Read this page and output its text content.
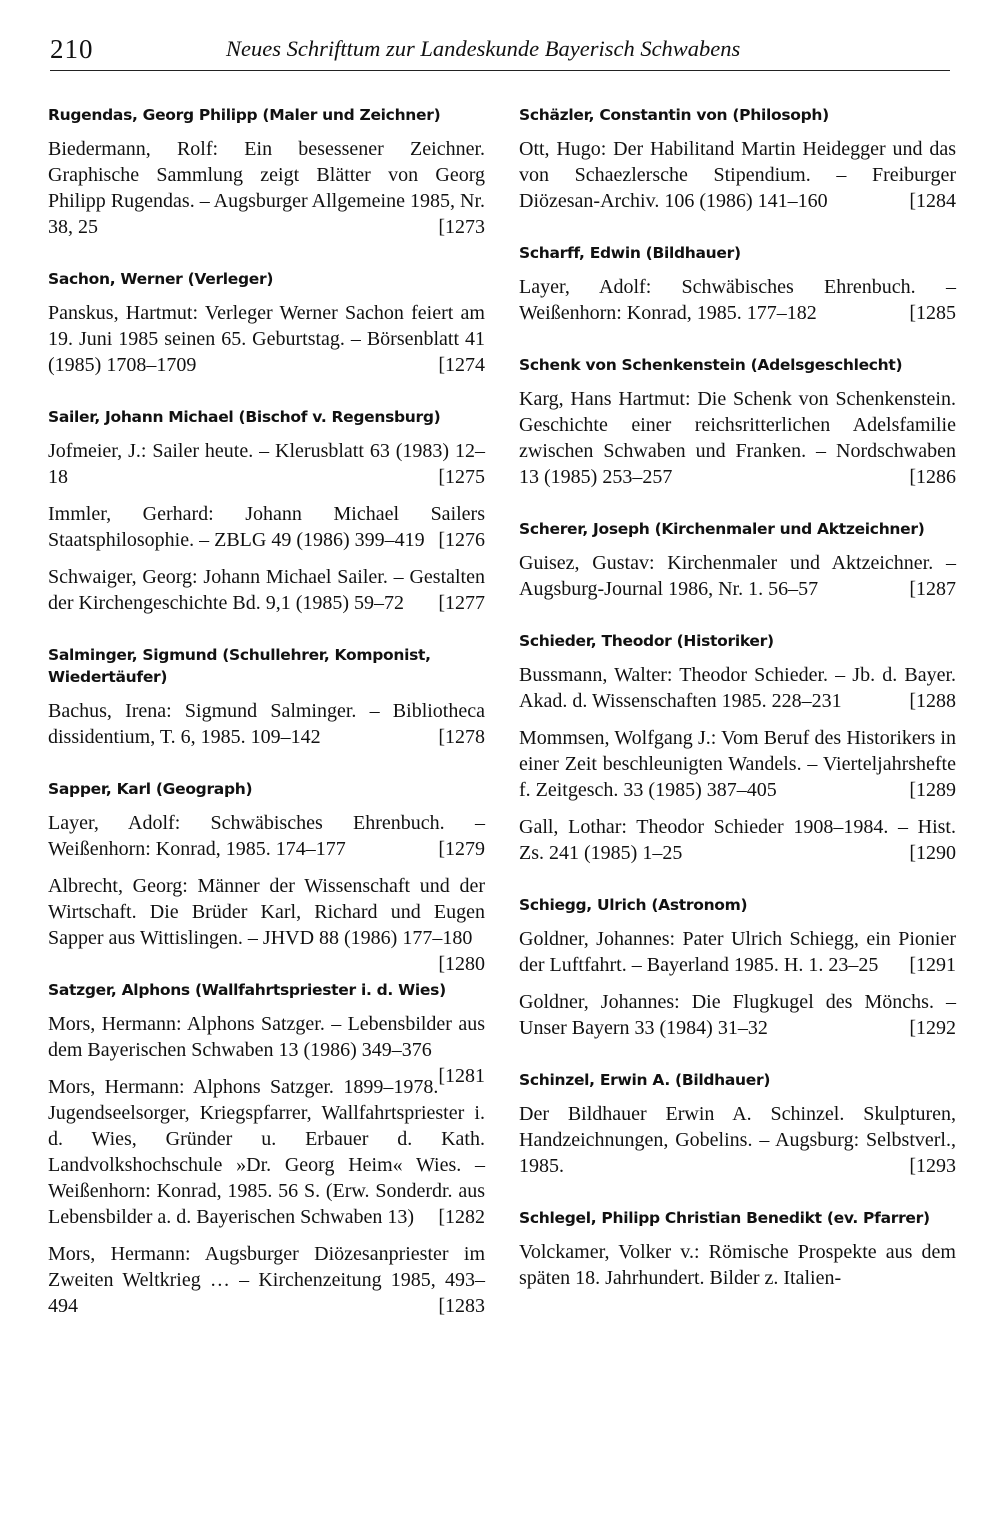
210	Neues Schrifttum zur Landeskunde Bayerisch Schwabens
Rugendas, Georg Philipp (Maler und Zeichner)
Biedermann, Rolf: Ein besessener Zeichner. Graphische Sammlung zeigt Blätter von Georg Philipp Rugendas. – Augsburger Allgemeine 1985, Nr. 38, 25	[1273
Sachon, Werner (Verleger)
Panskus, Hartmut: Verleger Werner Sachon feiert am 19. Juni 1985 seinen 65. Geburtstag. – Börsenblatt 41 (1985) 1708–1709	[1274
Sailer, Johann Michael (Bischof v. Regensburg)
Jofmeier, J.: Sailer heute. – Klerusblatt 63 (1983) 12–18	[1275
Immler, Gerhard: Johann Michael Sailers Staatsphilosophie. – ZBLG 49 (1986) 399–419 [1276
Schwaiger, Georg: Johann Michael Sailer. – Gestalten der Kirchengeschichte Bd. 9,1 (1985) 59–72 [1277
Salminger, Sigmund (Schullehrer, Komponist, Wiedertäufer)
Bachus, Irena: Sigmund Salminger. – Bibliotheca dissidentium, T. 6, 1985. 109–142	[1278
Sapper, Karl (Geograph)
Layer, Adolf: Schwäbisches Ehrenbuch. – Weißenhorn: Konrad, 1985. 174–177	[1279
Albrecht, Georg: Männer der Wissenschaft und der Wirtschaft. Die Brüder Karl, Richard und Eugen Sapper aus Wittislingen. – JHVD 88 (1986) 177–180
[1280
Satzger, Alphons (Wallfahrtspriester i. d. Wies)
Mors, Hermann: Alphons Satzger. – Lebensbilder aus dem Bayerischen Schwaben 13 (1986) 349–376
[1281
Mors, Hermann: Alphons Satzger. 1899–1978. Jugendseelsorger, Kriegspfarrer, Wallfahrtspriester i. d. Wies, Gründer u. Erbauer d. Kath. Landvolkshochschule »Dr. Georg Heim« Wies. – Weißenhorn: Konrad, 1985. 56 S. (Erw. Sonderdr. aus Lebensbilder a. d. Bayerischen Schwaben 13) [1282
Mors, Hermann: Augsburger Diözesanpriester im Zweiten Weltkrieg … – Kirchenzeitung 1985, 493–494	[1283
Schäzler, Constantin von (Philosoph)
Ott, Hugo: Der Habilitand Martin Heidegger und das von Schaezlersche Stipendium. – Freiburger Diözesan-Archiv. 106 (1986) 141–160	[1284
Scharff, Edwin (Bildhauer)
Layer, Adolf: Schwäbisches Ehrenbuch. – Weißenhorn: Konrad, 1985. 177–182	[1285
Schenk von Schenkenstein (Adelsgeschlecht)
Karg, Hans Hartmut: Die Schenk von Schenkenstein. Geschichte einer reichsritterlichen Adelsfamilie zwischen Schwaben und Franken. – Nordschwaben 13 (1985) 253–257	[1286
Scherer, Joseph (Kirchenmaler und Aktzeichner)
Guisez, Gustav: Kirchenmaler und Aktzeichner. – Augsburg-Journal 1986, Nr. 1. 56–57	[1287
Schieder, Theodor (Historiker)
Bussmann, Walter: Theodor Schieder. – Jb. d. Bayer. Akad. d. Wissenschaften 1985. 228–231	[1288
Mommsen, Wolfgang J.: Vom Beruf des Historikers in einer Zeit beschleunigten Wandels. – Vierteljahrshefte f. Zeitgesch. 33 (1985) 387–405	[1289
Gall, Lothar: Theodor Schieder 1908–1984. – Hist. Zs. 241 (1985) 1–25	[1290
Schiegg, Ulrich (Astronom)
Goldner, Johannes: Pater Ulrich Schiegg, ein Pionier der Luftfahrt. – Bayerland 1985. H. 1. 23–25 [1291
Goldner, Johannes: Die Flugkugel des Mönchs. – Unser Bayern 33 (1984) 31–32	[1292
Schinzel, Erwin A. (Bildhauer)
Der Bildhauer Erwin A. Schinzel. Skulpturen, Handzeichnungen, Gobelins. – Augsburg: Selbstverl., 1985.	[1293
Schlegel, Philipp Christian Benedikt (ev. Pfarrer)
Volckamer, Volker v.: Römische Prospekte aus dem späten 18. Jahrhundert. Bilder z. Italien-
